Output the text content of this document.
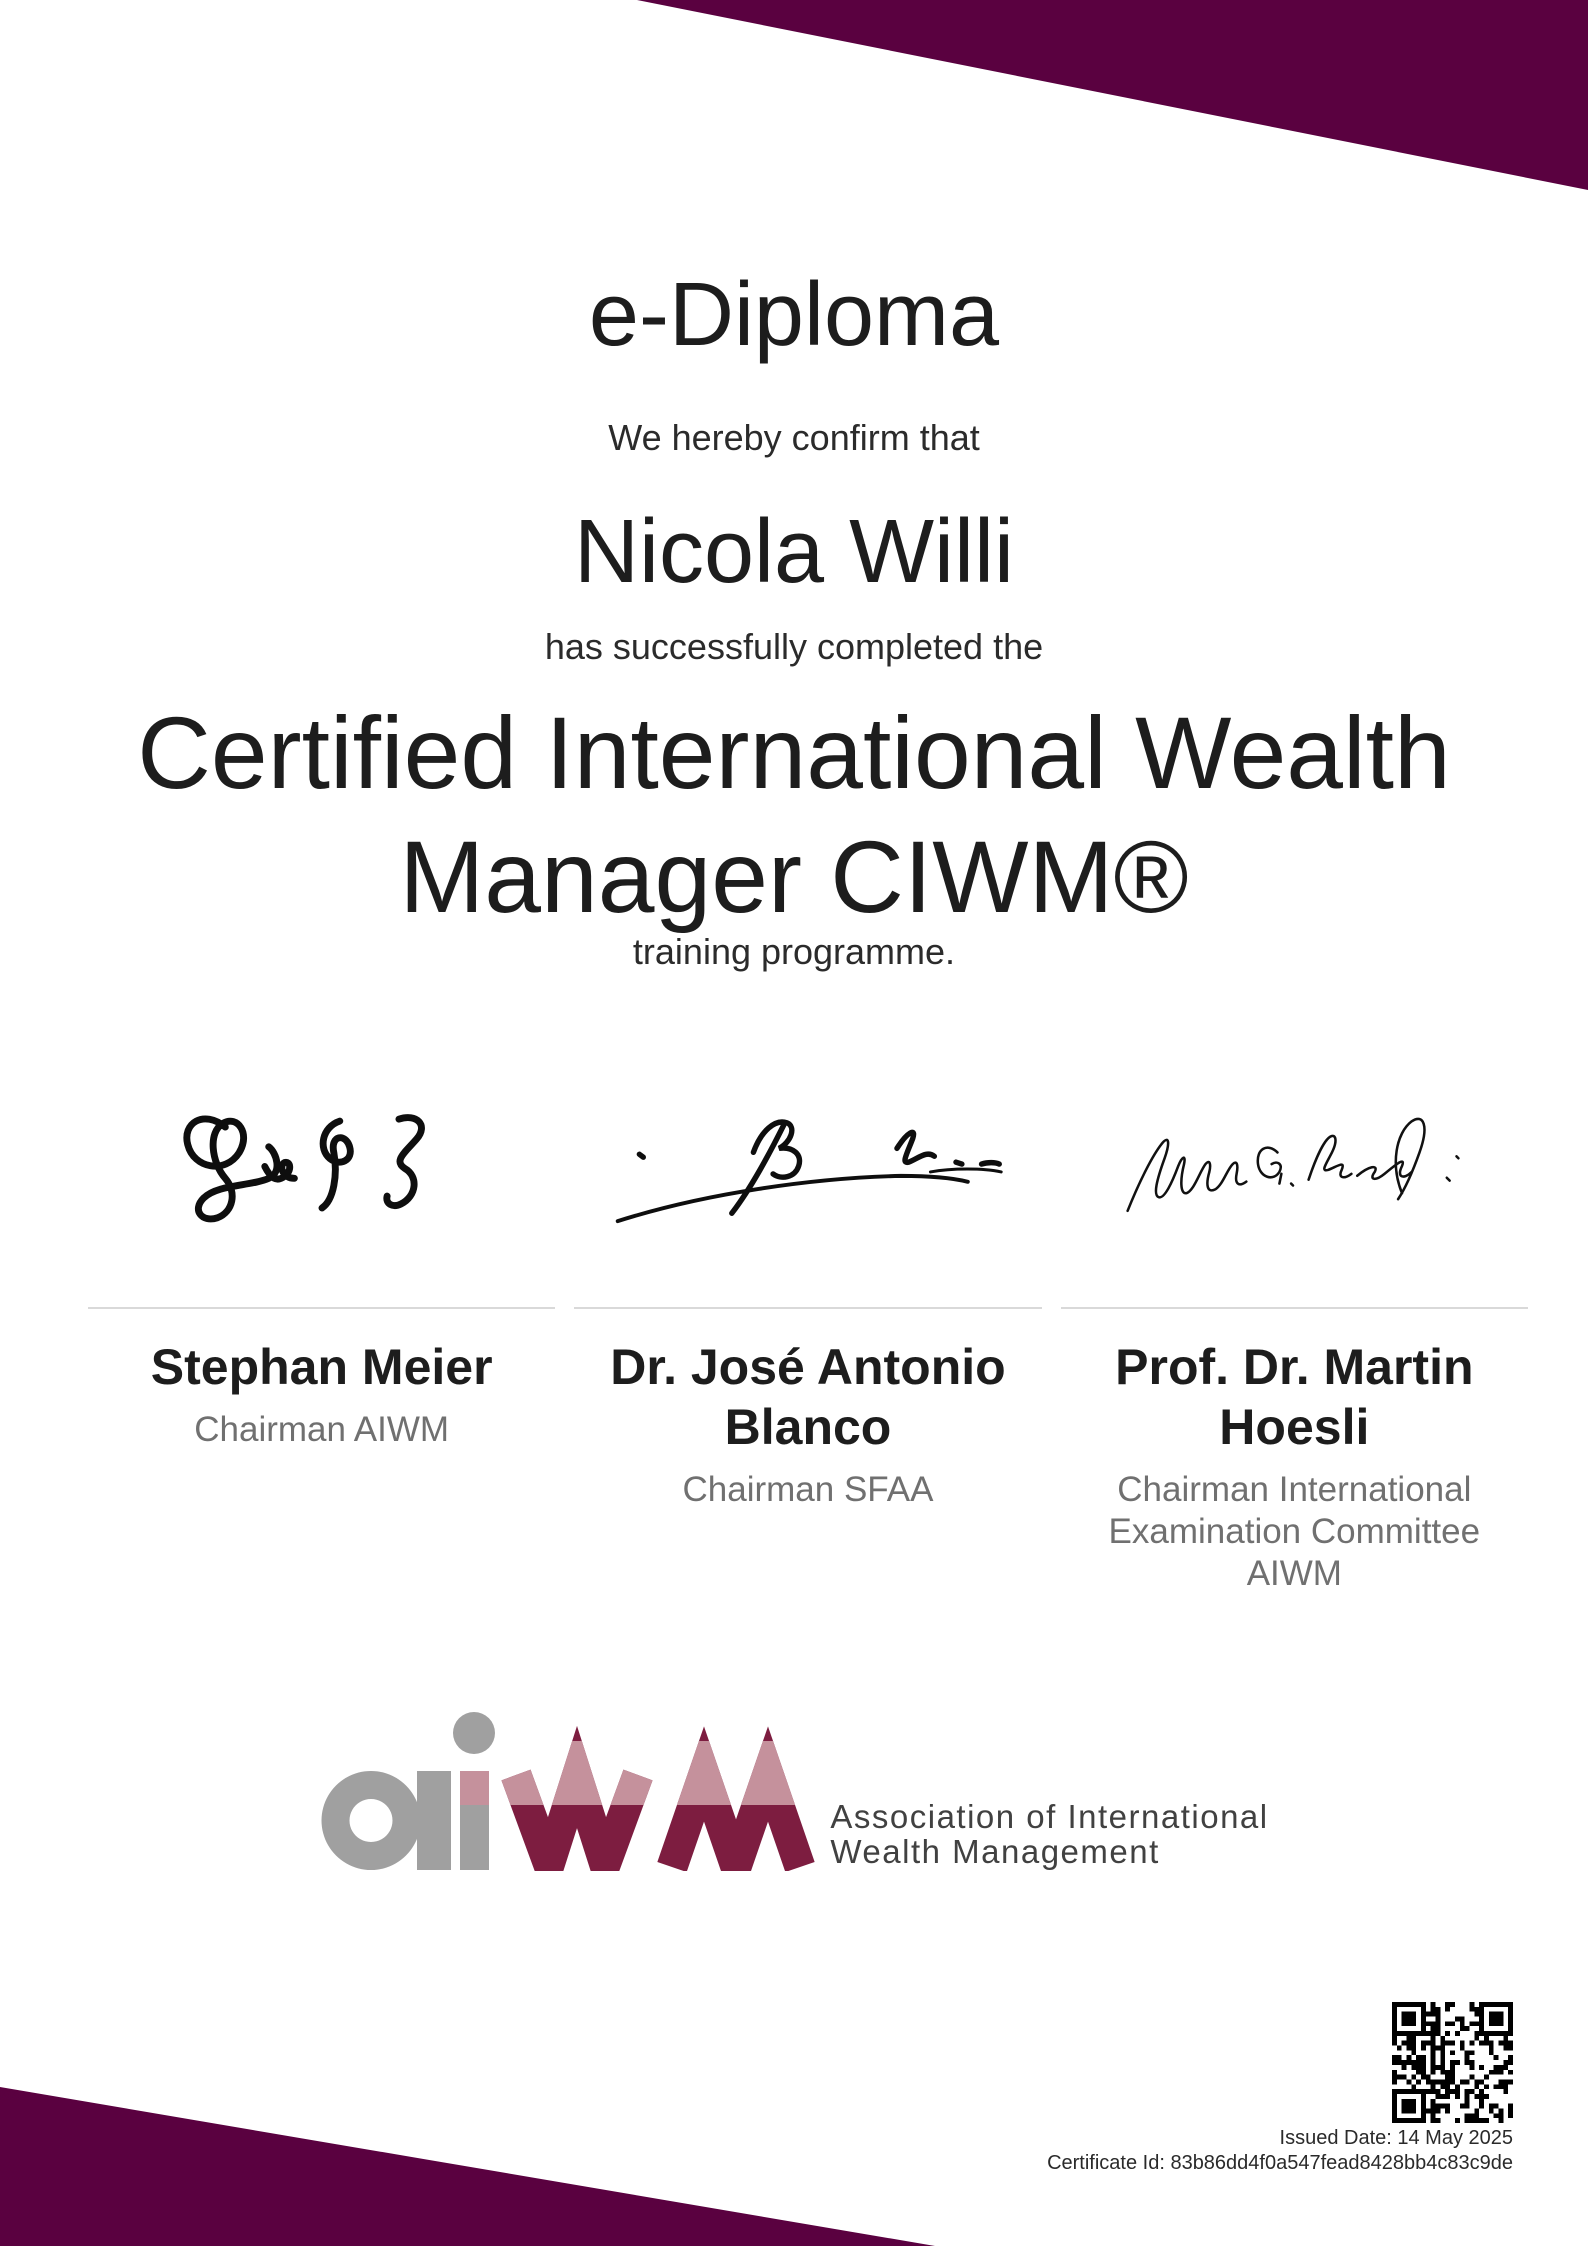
e-Diploma
We hereby confirm that
Nicola Willi
has successfully completed the
Certified International Wealth Manager CIWM®
training programme.
Stephan Meier
Chairman AIWM
Dr. José Antonio Blanco
Chairman SFAA
Prof. Dr. Martin Hoesli
Chairman International Examination Committee AIWM
Association of International
Wealth Management
Issued Date: 14 May 2025
Certificate Id: 83b86dd4f0a547fead8428bb4c83c9de
